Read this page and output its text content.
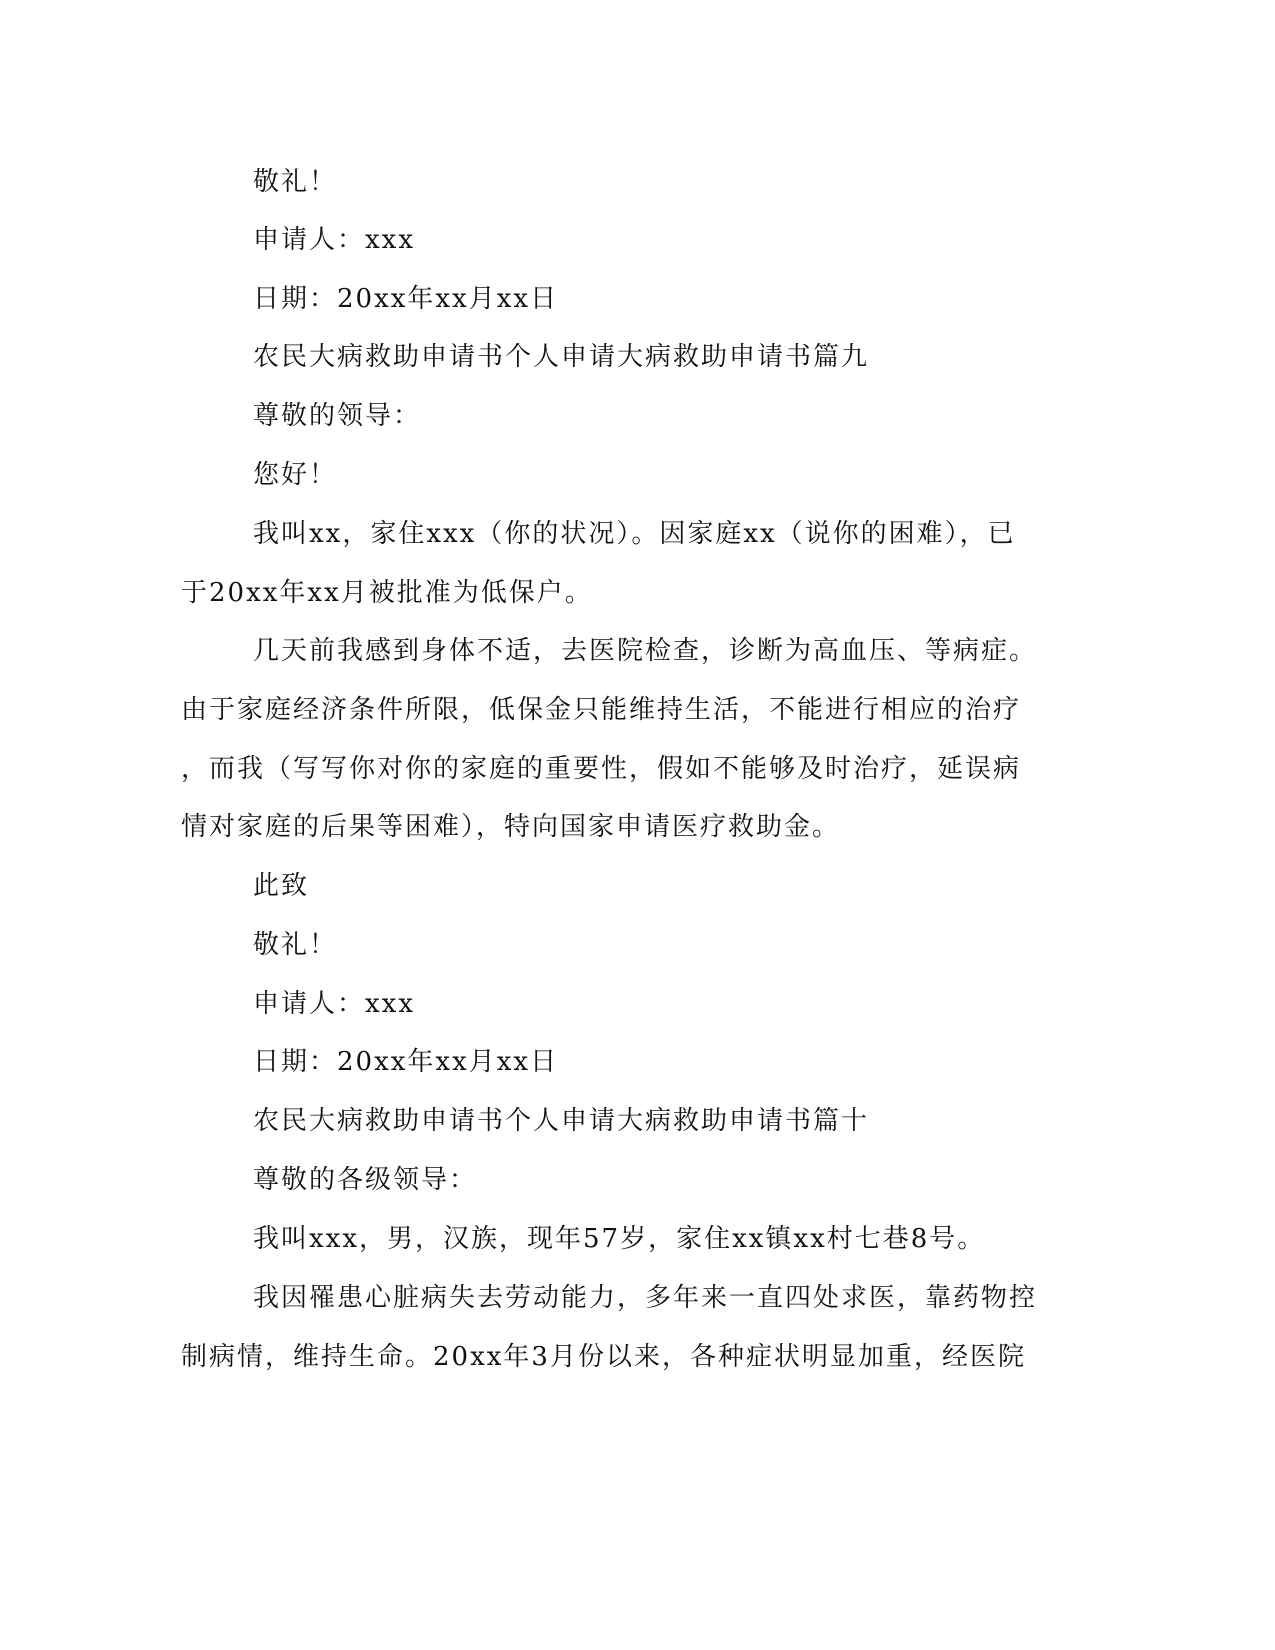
敬礼！
申请人：xxx
日期：20xx年xx月xx日
农民大病救助申请书个人申请大病救助申请书篇九
尊敬的领导：
您好！
我叫xx，家住xxx（你的状况）。因家庭xx（说你的困难），已
于20xx年xx月被批准为低保户。
几天前我感到身体不适，去医院检查，诊断为高血压、等病症。
由于家庭经济条件所限，低保金只能维持生活，不能进行相应的治疗
，而我（写写你对你的家庭的重要性，假如不能够及时治疗，延误病
情对家庭的后果等困难），特向国家申请医疗救助金。
此致
敬礼！
申请人：xxx
日期：20xx年xx月xx日
农民大病救助申请书个人申请大病救助申请书篇十
尊敬的各级领导：
我叫xxx，男，汉族，现年57岁，家住xx镇xx村七巷8号。
我因罹患心脏病失去劳动能力，多年来一直四处求医，靠药物控
制病情，维持生命。20xx年3月份以来，各种症状明显加重，经医院
